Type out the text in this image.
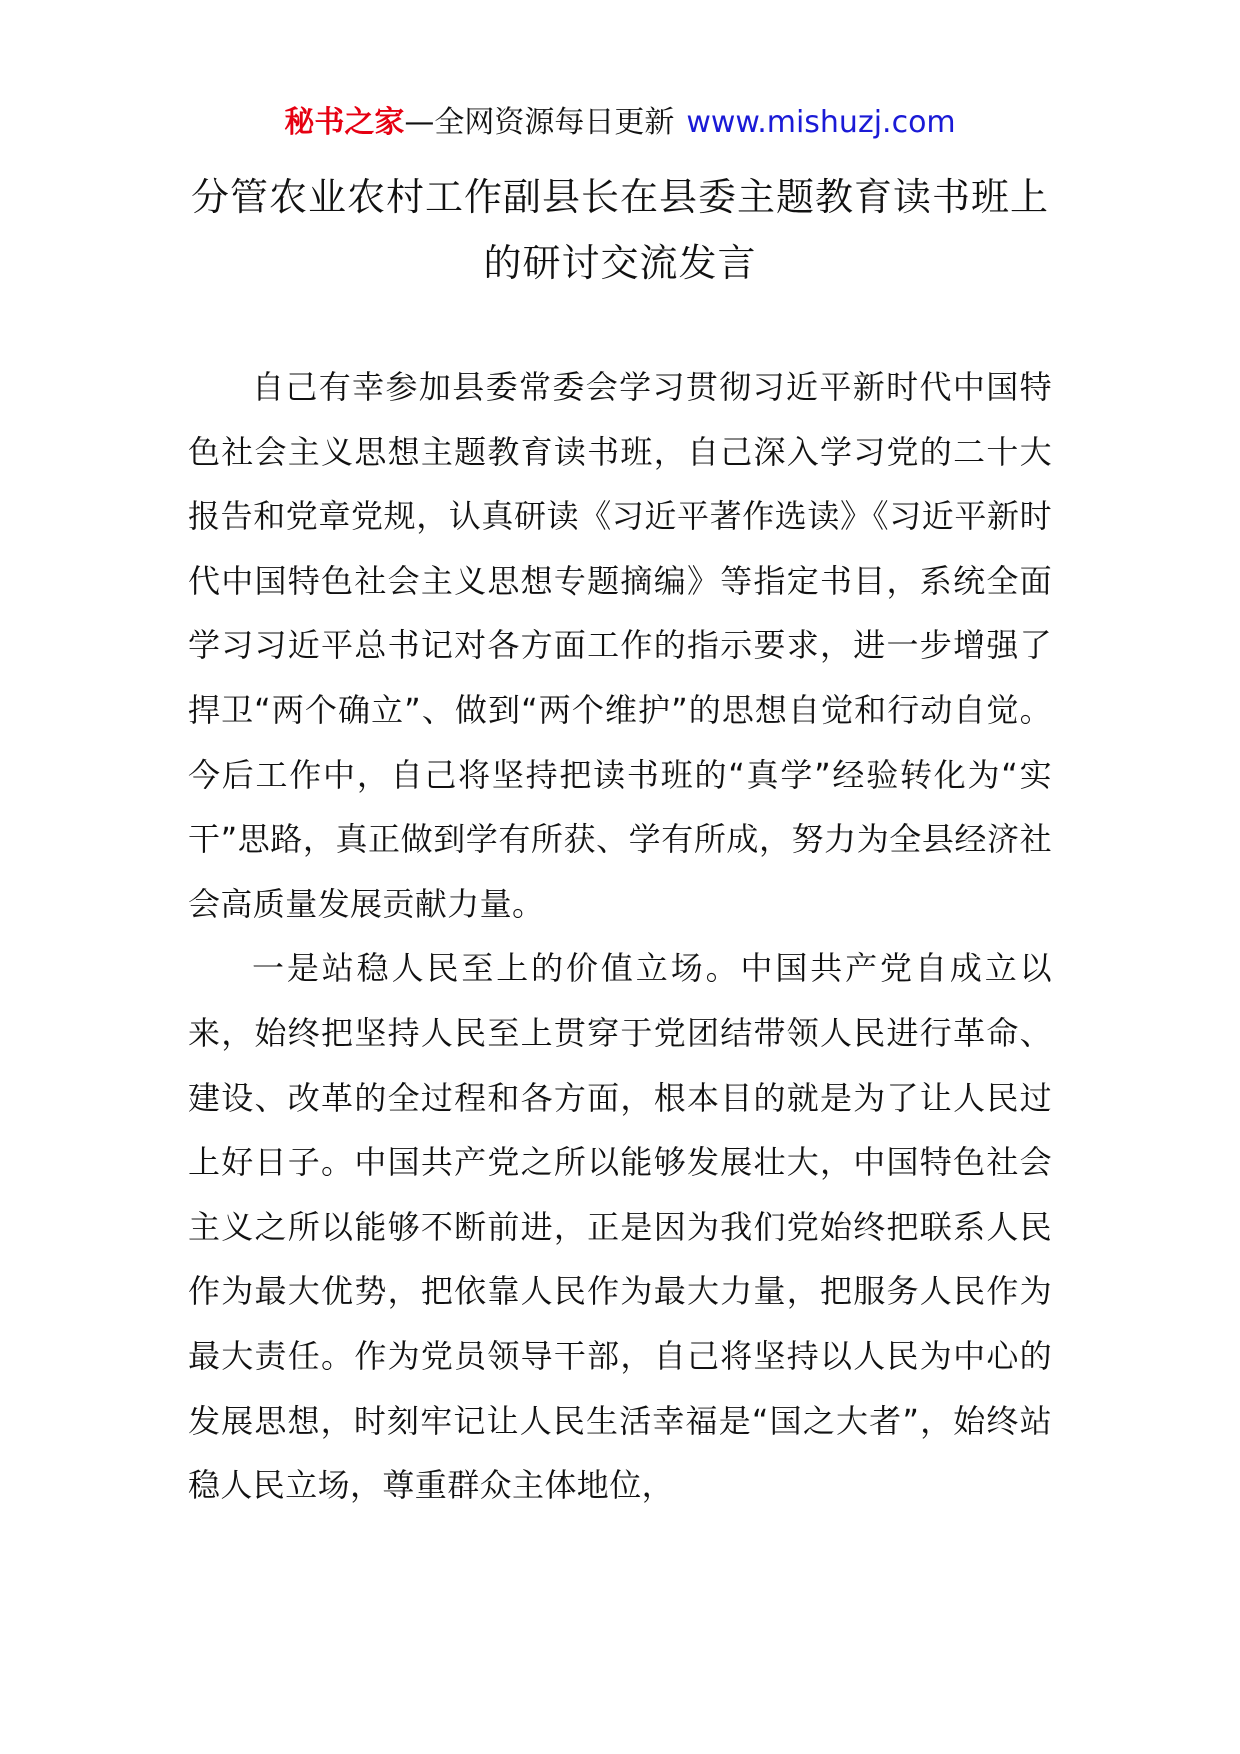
秘书之家—全网资源每日更新 www.mishuzj.com
分管农业农村工作副县长在县委主题教育读书班上的研讨交流发言

自己有幸参加县委常委会学习贯彻习近平新时代中国特色社会主义思想主题教育读书班，自己深入学习党的二十大报告和党章党规，认真研读《习近平著作选读》《习近平新时代中国特色社会主义思想专题摘编》等指定书目，系统全面学习习近平总书记对各方面工作的指示要求，进一步增强了捍卫“两个确立”、做到“两个维护”的思想自觉和行动自觉。今后工作中，自己将坚持把读书班的“真学”经验转化为“实干”思路，真正做到学有所获、学有所成，努力为全县经济社会高质量发展贡献力量。

一是站稳人民至上的价值立场。中国共产党自成立以来，始终把坚持人民至上贯穿于党团结带领人民进行革命、建设、改革的全过程和各方面，根本目的就是为了让人民过上好日子。中国共产党之所以能够发展壮大，中国特色社会主义之所以能够不断前进，正是因为我们党始终把联系人民作为最大优势，把依靠人民作为最大力量，把服务人民作为最大责任。作为党员领导干部，自己将坚持以人民为中心的发展思想，时刻牢记让人民生活幸福是“国之大者”，始终站稳人民立场，尊重群众主体地位，
